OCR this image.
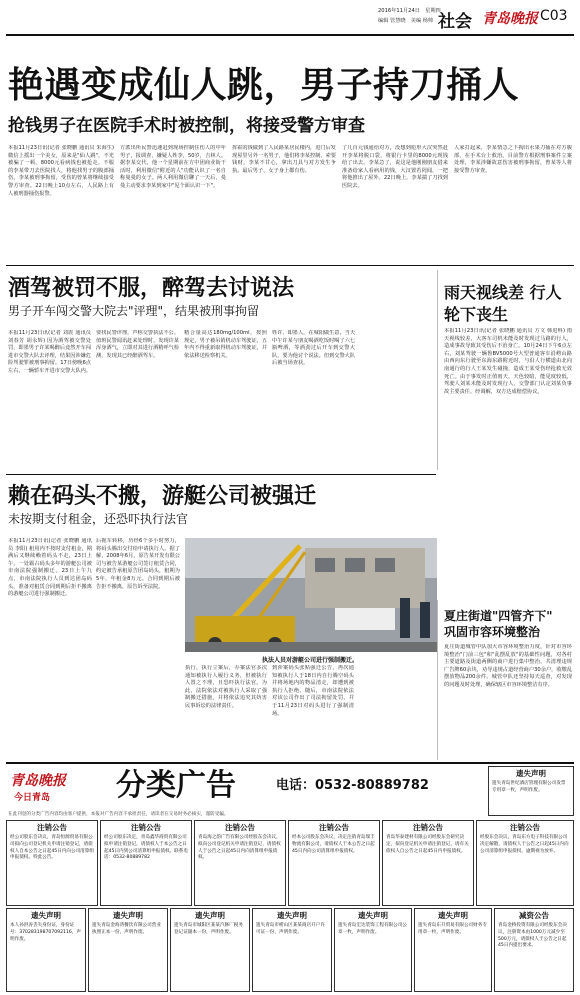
2016年11月24日　星期四
编辑 管慧晓　美编 杨帅 社会 青岛晚报 C03
艳遇变成仙人跳，男子持刀捅人
抢钱男子在医院手术时被控制，将接受警方审查
本报11月23日讯(记者 张晓鹏 通讯员 朱海生) 微信上摇出一个美女，原来是"仙人跳"，不光被骗了一顿，8000元看病钱也被抢走。不服的李某带刀去医院找人，将他找男子的腹部捅伤，李某被刑事拘留，受伤的曾某将继续接受警方审查。22日晚上10点左右，人民路上有人被刑器捅伤报警。
方派出所民警迅速赶到现场控制住伤人的中年男子，报调查，嫌疑人姓李，50岁，吉林人。据李某交代，他一个星期前在方中团商业街干活时，利用微信"附近的人"功能认识了一名自称曼曼的女子。两人利用微信聊了一天后，曼曼主动要求李某到家中"见个面认识一下"。
挥霍的钱做到了人民路某居民楼内，进门后发现屋里另外一名男子，他们将李某控制，索要钱财。李某不甘心，拿出刀具与对方发生争执。最后男子、女子身上都有伤。
了几百元钱通给对方，没想到彪形大汉突然赶开李某将脱口袋，将银行卡里的8000元现钱给了出去。李某急了，说这是他刚刚朋友借来准备给家人看病用的钱，大汉置若罔闻，一把将他推出了屋外。22日晚上，李某揣了刀找到医院去。
人家打起来，李某情急之下掏出水果刀捅在对方腹部，在手术台上救治。目前警方根据刑事案件立案处理，李某涉嫌故意伤害被刑事拘留，曾某等人将接受警方审查。
酒驾被罚不服，醉驾去讨说法
男子开车闯交警大院去"评理"，结果被刑事拘留
本报11月23日讯(记者 刘震 通讯员 刘春芳 胡永辉) 因为酒驾被交警处罚，即墨男子许某喝醉后竟然开车闯进市交警大队去评理，结果因涉嫌危险驾驶罪被刑事拘留。17日傍晚6点左右，一辆轿车开进市交警大队内。
要找民警评理，声称交警执法不公。值班民警闻讯赶来处理时，发现许某浑身酒气，立即对其进行酒精呼气检测，发现其已经醉酒驾车。
精合量高达180mg/100ml，按照规定，男子被吊销机动车驾驶证，五年内不得重新取得机动车驾驶证，并依法移送检察机关。
姓许，即墨人，在城阳做生意，当天中午许某与朋友喝酒吃饭时喝了六七瓶啤酒，等酒劲过后开车到交警大队，要为他讨个说法。但到交警大队后被当场查获。
雨天视线差 行人轮下丧生
本报11月23日讯(记者 张晓鹏 通讯员 方文 韩进科) 雨天视线较差，大客车司机未能及时发现过马路的行人，造成事故导致其受伤后不治身亡。10月24日下午6点左右，刘某驾驶一辆鲁BV5000号大型普通客车沿崂山路由西向东行驶至东海东路附近时，与沿人行横道由北向南通行的行人王某发生碰撞，造成王某受伤经抢救无效死亡。由于事发时正值雨天，天色较暗，能见度较低，驾驶人刘某未能及时发现行人，交警部门认定刘某负事故主要责任。经调解，双方达成赔偿协议。
赖在码头不搬，游艇公司被强迁
未按期支付租金，还恐吓执行法官
本报11月23日讯(记者 张晓鹏 通讯员 李阳) 租用内不按时支付租金，期满后又继续赖着码头不走，23日上午，一处霸占码头多年的游艇公司被市南法院强制搬迁。23日上午九点，市南法院执行人员到达团岛码头，准备对租赁合同到期后拒不搬离的游艇公司进行强制搬迁。
后拖车转移，历经6个多小时努力，将码头腾出交付给申请执行人。据了解，2008年6月，原告某开发有限公司与被告某游艇公司签订租赁合同，约定被告承租原告团岛码头，租期为5年，年租金8万元。合同到期后被告拒不搬离，原告诉至法院。
执法人员对游艇公司进行强制搬迁。
执行，执行立案后，办案法官多次通知被执行人履行义务，但被执行人置之不理，且恐吓执行法官。为此，法院依法对被执行人采取了强制搬迁措施，并将依法追究其妨害民事诉讼的法律责任。
到涉案码头张贴强迁公告，再次通知被执行人于18日内自行腾空码头并将场地内的物品清走，却遭到被执行人拒绝。随后，市南法院依法对该公司作出了司法拘留处罚，并于11月23日对码头进行了强制清场。
夏庄街道"四管齐下" 巩固市容环境整治
夏庄街道城管中队加大市容环境整治力度，针对市容环境整治"门前三包"和"乱摆乱放"的基础性问题，对各村主要道路及街道两侧的商户进行集中整治，共清理违规广告牌60余块，劝导违规占道经营商户30余户，收缴乱摆放物品200余件。城管中队还坚持每天巡查，对发现的问题及时处理，确保辖区市容环境整洁有序。
青岛晚报
今日青岛 分类广告	电话：0532-80889782
在此刊登的分类广告内容均由客户提供，本报对广告内容不承担责任，请读者在交易时务必核实，谨防受骗。
遗失声明
遗失青岛世纪酒店管理有限公司发票专用章一枚，声明作废。
注销公告
经公司股东会决议，青岛恒源贸易有限公司拟向公司登记机关申请注销登记，请债权人自本公告之日起45日内向公司清算组申报债权。特此公告。
注销公告
经公司股东决定，青岛鑫华商贸有限公司拟申请注销登记，请债权人于本公告之日起45日内到公司清算组申报债权。联系电话：0532-80889782
注销公告
青岛海之韵广告有限公司经股东会决议，拟向公司登记机关申请注销登记，请债权人于公告之日起45日内向清算组申报债权。
注销公告
经本公司股东会决议，决定注销青岛瑞丰物流有限公司，请债权人于本公告之日起45日内向公司清算组申报债权。
注销公告
青岛华泰建材有限公司经股东会研究决定，拟向登记机关申请注销登记，请有关债权人自公告之日起45日内申报债权。
注销公告
经股东会决议，青岛东方电子科技有限公司决定解散，请债权人于公告之日起45日内向公司清算组申报债权，逾期视为放弃。
遗失声明
本人孙洪涛丢失身份证，身份证号：370283198707092116，声明作废。
遗失声明
遗失青岛金海湾餐饮有限公司营业执照正本一份，声明作废。
遗失声明
遗失青岛市城阳区某某汽修厂税务登记证副本一份，声明作废。
遗失声明
遗失青岛市崂山区某某商店开户许可证一份，声明作废。
遗失声明
遗失青岛宏达装饰工程有限公司公章一枚，声明作废。
遗失声明
遗失青岛东升贸易有限公司财务专用章一枚，声明作废。
减资公告
青岛金桥投资有限公司经股东会决议，注册资本由1000万元减少至500万元，请债权人于公告之日起45日内提出要求。
